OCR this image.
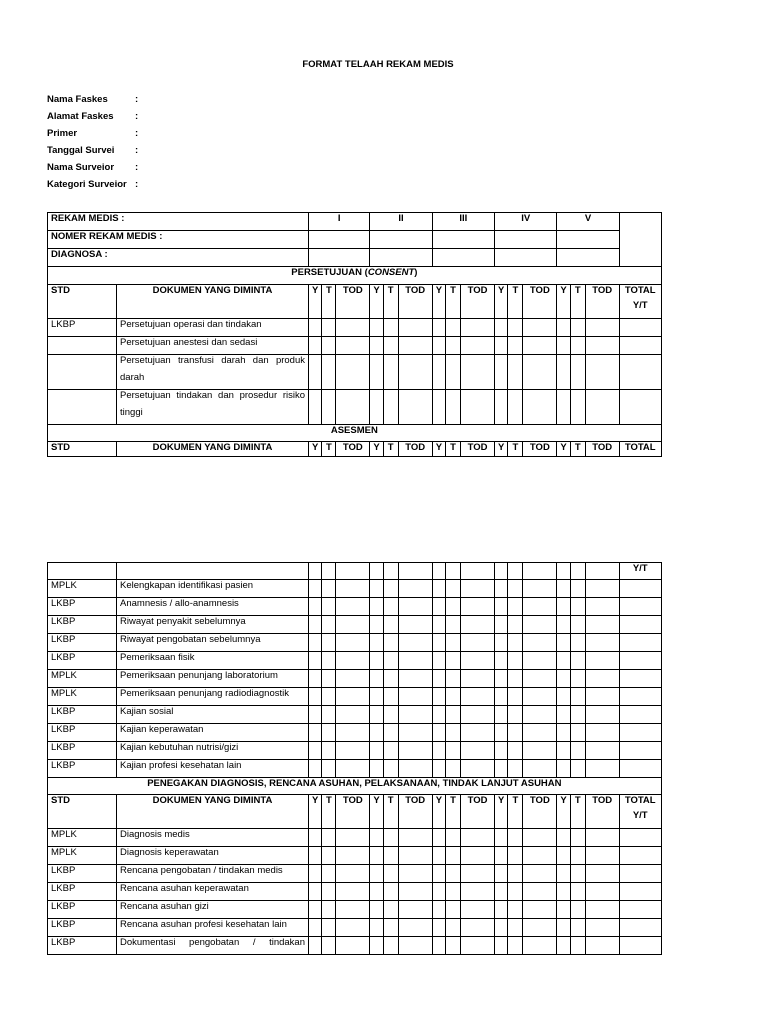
FORMAT TELAAH REKAM MEDIS
Nama Faskes	:
Alamat Faskes	:
Primer	:
Tanggal Survei	:
Nama Surveior	:
Kategori Surveior :
REKAM MEDIS :		I			II			III			IV			V			
NOMER REKAM MEDIS :																	
DIAGNOSA :																	
PERSETUJUAN (CONSENT)																	
STD	DOKUMEN YANG DIMINTA	Y	T	TOD	Y	T	TOD	Y	T	TOD	Y	T	TOD	Y	T	TOD	TOTAL
Y/T

LKBP	Persetujuan operasi dan tindakan																
	Persetujuan anestesi dan sedasi																

	Persetujuan transfusi darah dan produk
darah																

	Persetujuan tindakan dan prosedur risiko
tinggi																

ASESMEN																	
STD	DOKUMEN YANG DIMINTA	Y	T	TOD	Y	T	TOD	Y	T	TOD	Y	T	TOD	Y	T	TOD	TOTAL
																	Y/T
MPLK	Kelengkapan identifikasi pasien																
LKBP	Anamnesis / allo-anamnesis																
LKBP	Riwayat penyakit sebelumnya																
LKBP	Riwayat pengobatan sebelumnya																
LKBP	Pemeriksaan fisik																
MPLK	Pemeriksaan penunjang laboratorium																
MPLK	Pemeriksaan penunjang radiodiagnostik																
LKBP	Kajian sosial																
LKBP	Kajian keperawatan																
LKBP	Kajian kebutuhan nutrisi/gizi																
LKBP	Kajian profesi kesehatan lain																
PENEGAKAN DIAGNOSIS, RENCANA ASUHAN, PELAKSANAAN, TINDAK LANJUT ASUHAN																	
STD	DOKUMEN YANG DIMINTA	Y	T	TOD	Y	T	TOD	Y	T	TOD	Y	T	TOD	Y	T	TOD	TOTAL
Y/T

MPLK	Diagnosis medis																
MPLK	Diagnosis keperawatan																
LKBP	Rencana pengobatan / tindakan medis																
LKBP	Rencana asuhan keperawatan																
LKBP	Rencana asuhan gizi																
LKBP	Rencana asuhan profesi kesehatan lain																
LKBP	Dokumentasi pengobatan / tindakan																
